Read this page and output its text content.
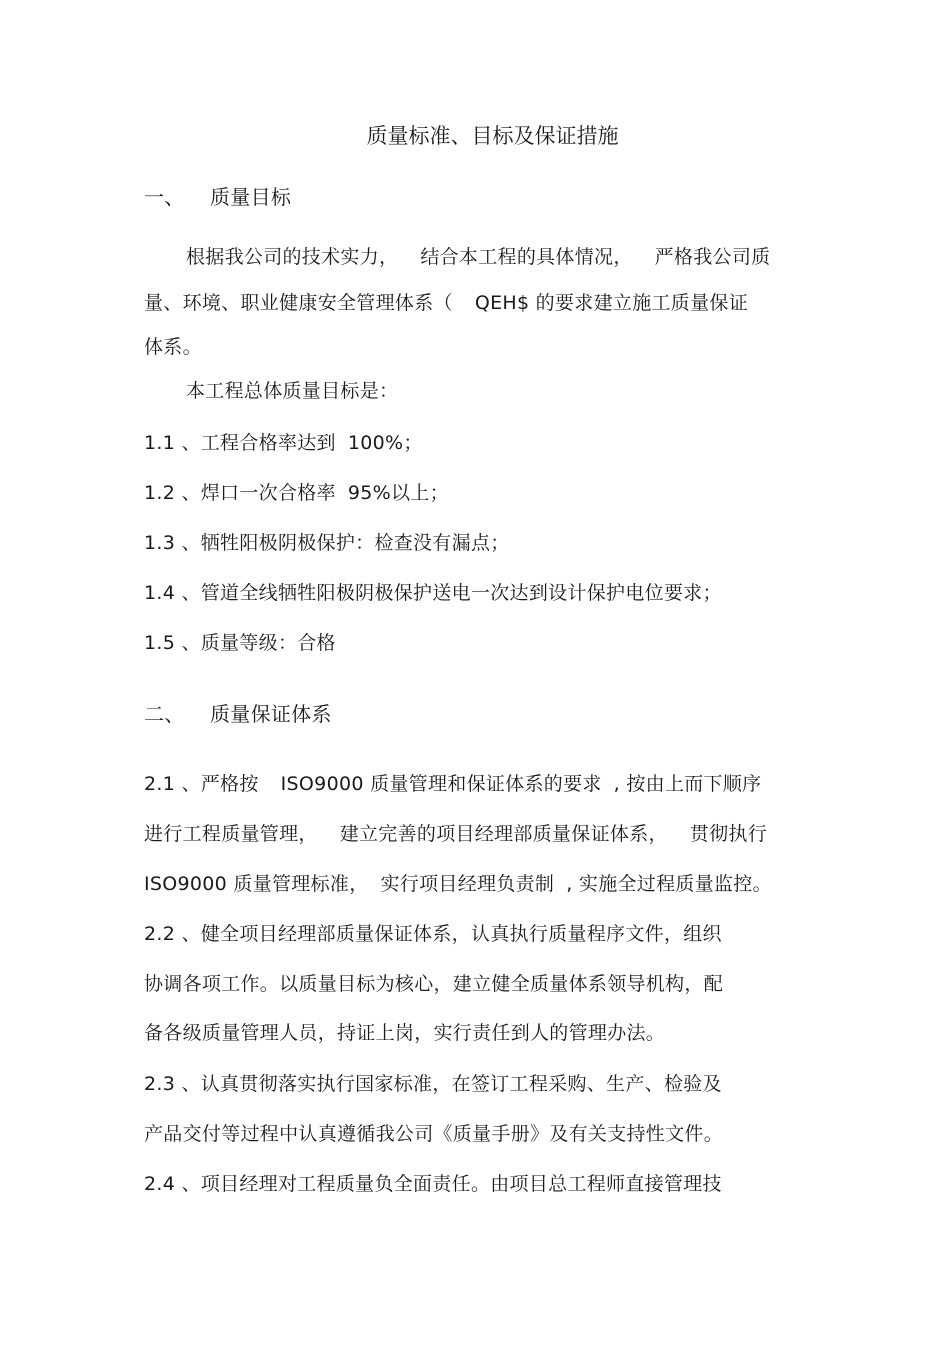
质量标准、目标及保证措施
一、 质量目标
根据我公司的技术实力， 结合本工程的具体情况， 严格我公司质
量、环境、职业健康安全管理体系（ QEH$ 的要求建立施工质量保证
体系。
本工程总体质量目标是：
1.1 、工程合格率达到 100%；
1.2 、焊口一次合格率 95%以上；
1.3 、牺牲阳极阴极保护：检查没有漏点；
1.4 、管道全线牺牲阳极阴极保护送电一次达到设计保护电位要求；
1.5 、质量等级：合格
二、 质量保证体系
2.1 、严格按 ISO9000 质量管理和保证体系的要求 , 按由上而下顺序
进行工程质量管理， 建立完善的项目经理部质量保证体系， 贯彻执行
ISO9000 质量管理标准， 实行项目经理负责制 , 实施全过程质量监控。
2.2 、健全项目经理部质量保证体系，认真执行质量程序文件，组织
协调各项工作。以质量目标为核心，建立健全质量体系领导机构，配
备各级质量管理人员，持证上岗，实行责任到人的管理办法。
2.3 、认真贯彻落实执行国家标准，在签订工程采购、生产、检验及
产品交付等过程中认真遵循我公司《质量手册》及有关支持性文件。
2.4 、项目经理对工程质量负全面责任。由项目总工程师直接管理技
